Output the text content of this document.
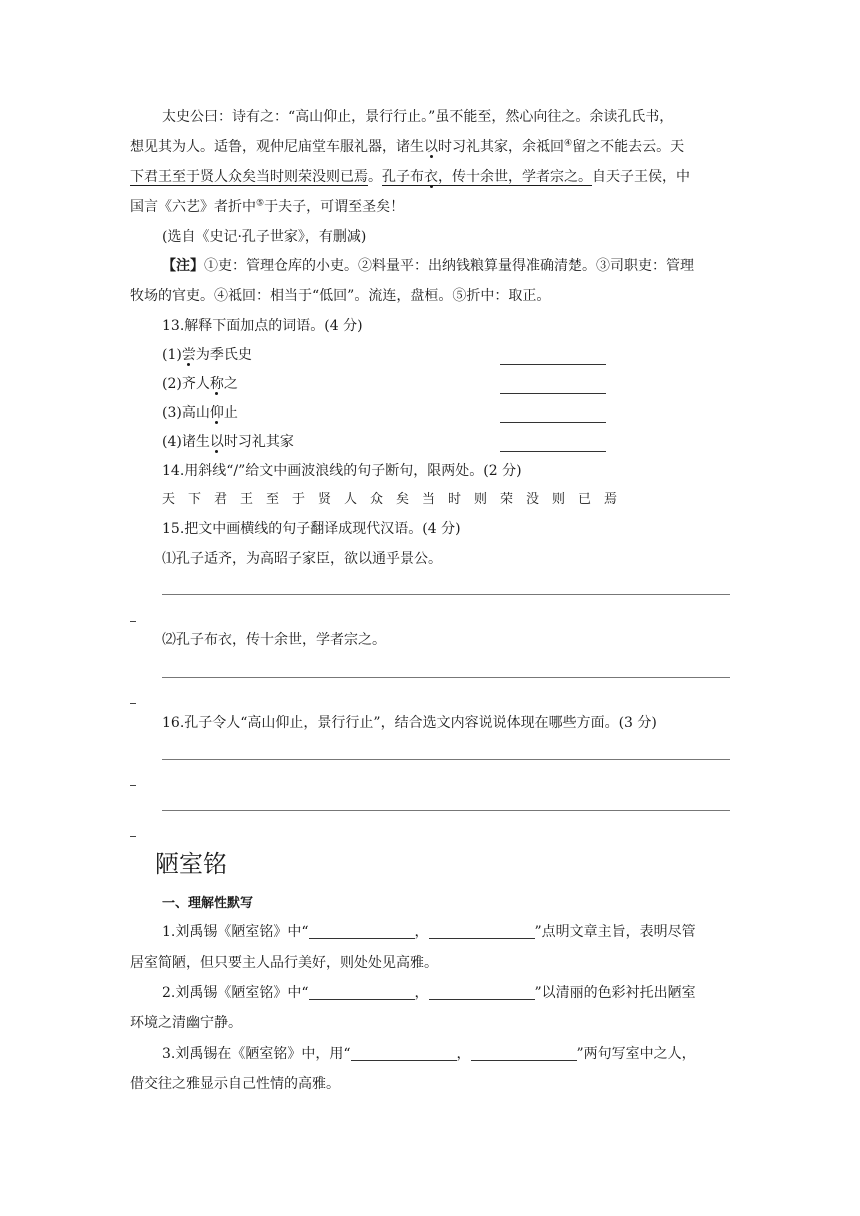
太史公曰：诗有之：“高山仰止，景行行止。”虽不能至，然心向往之。余读孔氏书，
想见其为人。适鲁，观仲尼庙堂车服礼器，诸生以时习礼其家，余祗回④留之不能去云。天
下君王至于贤人众矣当时则荣没则已焉。孔子布衣，传十余世，学者宗之。自天子王侯，中
国言《六艺》者折中⑤于夫子，可谓至圣矣！
(选自《史记·孔子世家》，有删减)
【注】①吏：管理仓库的小吏。②料量平：出纳钱粮算量得准确清楚。③司职吏：管理
牧场的官吏。④祗回：相当于“低回”。流连，盘桓。⑤折中：取正。
13.解释下面加点的词语。(4 分)
(1)尝为季氏史
(2)齐人称之
(3)高山仰止
(4)诸生以时习礼其家
14.用斜线“/”给文中画波浪线的句子断句，限两处。(2 分)
天下君王至于贤人众矣当时则荣没则已焉
15.把文中画横线的句子翻译成现代汉语。(4 分)
⑴孔子适齐，为高昭子家臣，欲以通乎景公。
⑵孔子布衣，传十余世，学者宗之。
16.孔子令人“高山仰止，景行行止”，结合选文内容说说体现在哪些方面。(3 分)
陋室铭
一、理解性默写
1.刘禹锡《陋室铭》中“	，	”点明文章主旨，表明尽管
居室简陋，但只要主人品行美好，则处处见高雅。
2.刘禹锡《陋室铭》中“	，	”以清丽的色彩衬托出陋室
环境之清幽宁静。
3.刘禹锡在《陋室铭》中，用“	，	”两句写室中之人，
借交往之雅显示自己性情的高雅。
